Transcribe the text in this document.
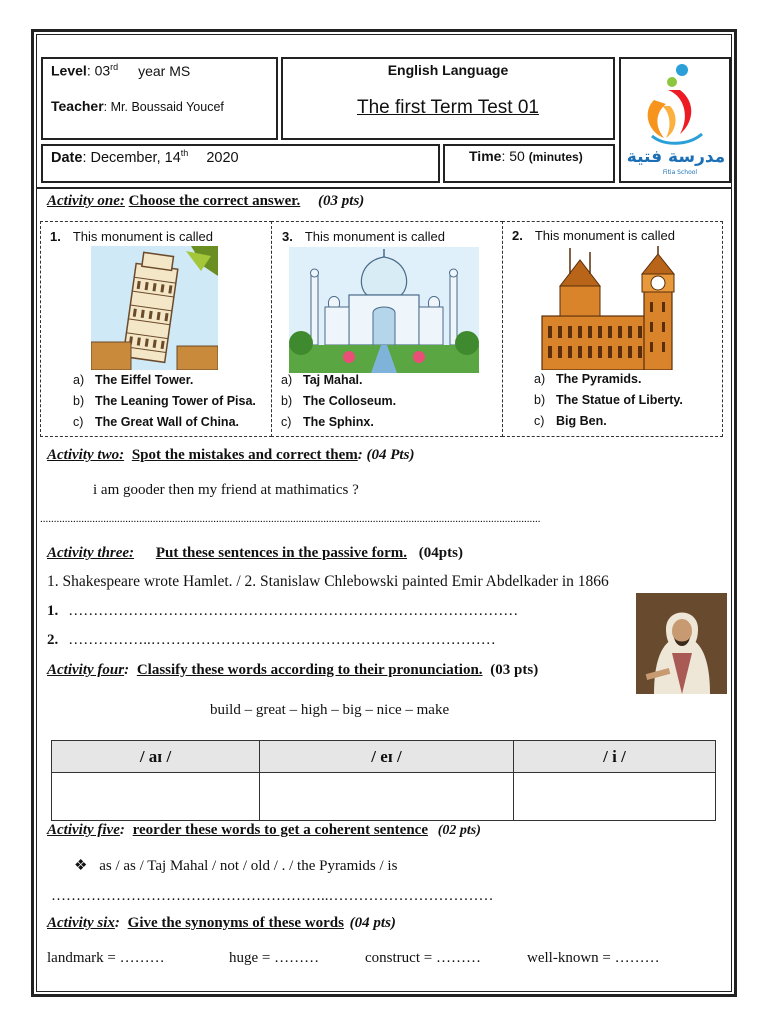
Level: 03rd year MS
Teacher: Mr. Boussaid Youcef
English Language
The first Term Test 01
Date: December, 14th 2020	Time: 50 (minutes)	مدرسة فتية
Fitia School
Activity one: Choose the correct answer. (03 pts)
1. This monument is called
a) The Eiffel Tower.
b) The Leaning Tower of Pisa.
c) The Great Wall of China.
3. This monument is called
a) Taj Mahal.
b) The Colloseum.
c) The Sphinx.
2. This monument is called
a) The Pyramids.
b) The Statue of Liberty.
c) Big Ben.
Activity two: Spot the mistakes and correct them: (04 Pts)
i am gooder then my friend at mathimatics ?
......................................................................................................................................................................................
Activity three: Put these sentences in the passive form. (04pts)
1. Shakespeare wrote Hamlet. / 2. Stanislaw Chlebowski painted Emir Abdelkader in 1866
1. ………………………………………………………………………………
2. ……………..……………………………………………………………
Activity four: Classify these words according to their pronunciation. (03 pts)
build – great – high – big – nice – make
/ aɪ /	/ eɪ /	/ i /

Activity five: reorder these words to get a coherent sentence (02 pts)
❖ as / as / Taj Mahal / not / old / . / the Pyramids / is
………………………………………………..……………………………
Activity six: Give the synonyms of these words (04 pts)
landmark = ………	huge = ………	construct = ………	well-known = ………
